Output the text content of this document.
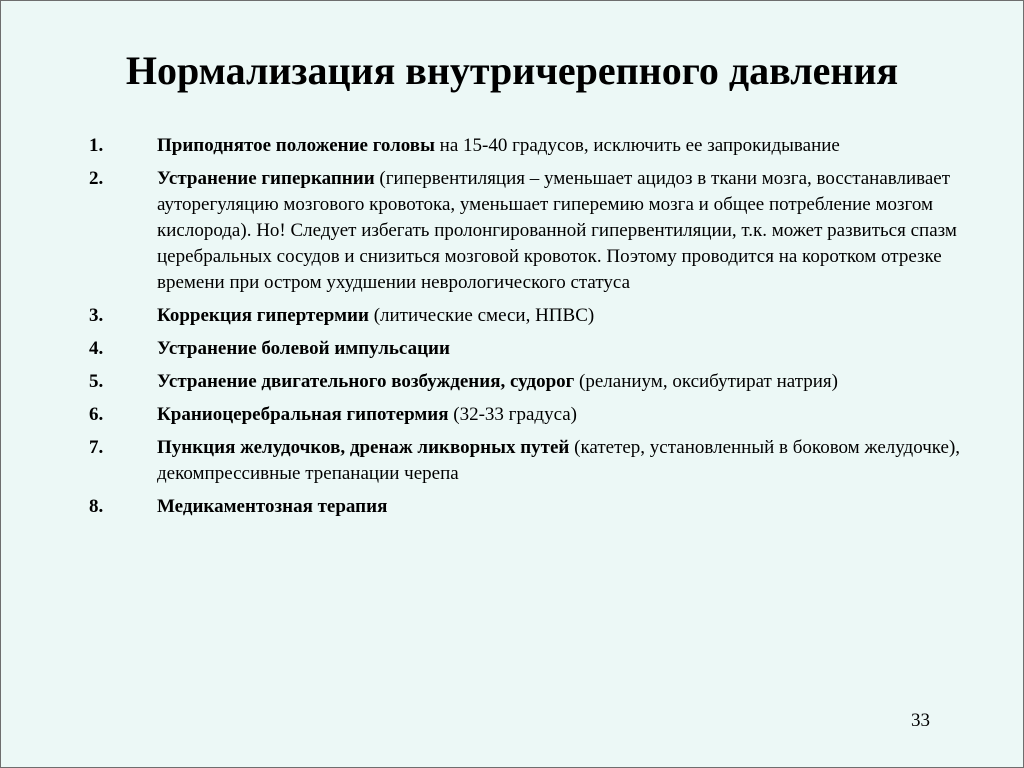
Нормализация внутричерепного давления
1.	Приподнятое положение головы на 15-40 градусов, исключить ее запрокидывание
2.	Устранение гиперкапнии (гипервентиляция – уменьшает ацидоз в ткани мозга, восстанавливает ауторегуляцию мозгового кровотока, уменьшает гиперемию мозга и общее потребление мозгом кислорода). Но! Следует избегать пролонгированной гипервентиляции, т.к. может развиться спазм церебральных сосудов и снизиться мозговой кровоток. Поэтому проводится на коротком отрезке времени при остром ухудшении неврологического статуса
3.	Коррекция гипертермии (литические смеси, НПВС)
4.	Устранение болевой импульсации
5.	Устранение двигательного возбуждения, судорог (реланиум, оксибутират натрия)
6.	Краниоцеребральная гипотермия (32-33 градуса)
7.	Пункция желудочков, дренаж ликворных путей (катетер, установленный в боковом желудочке), декомпрессивные трепанации черепа
8.	Медикаментозная терапия
33
